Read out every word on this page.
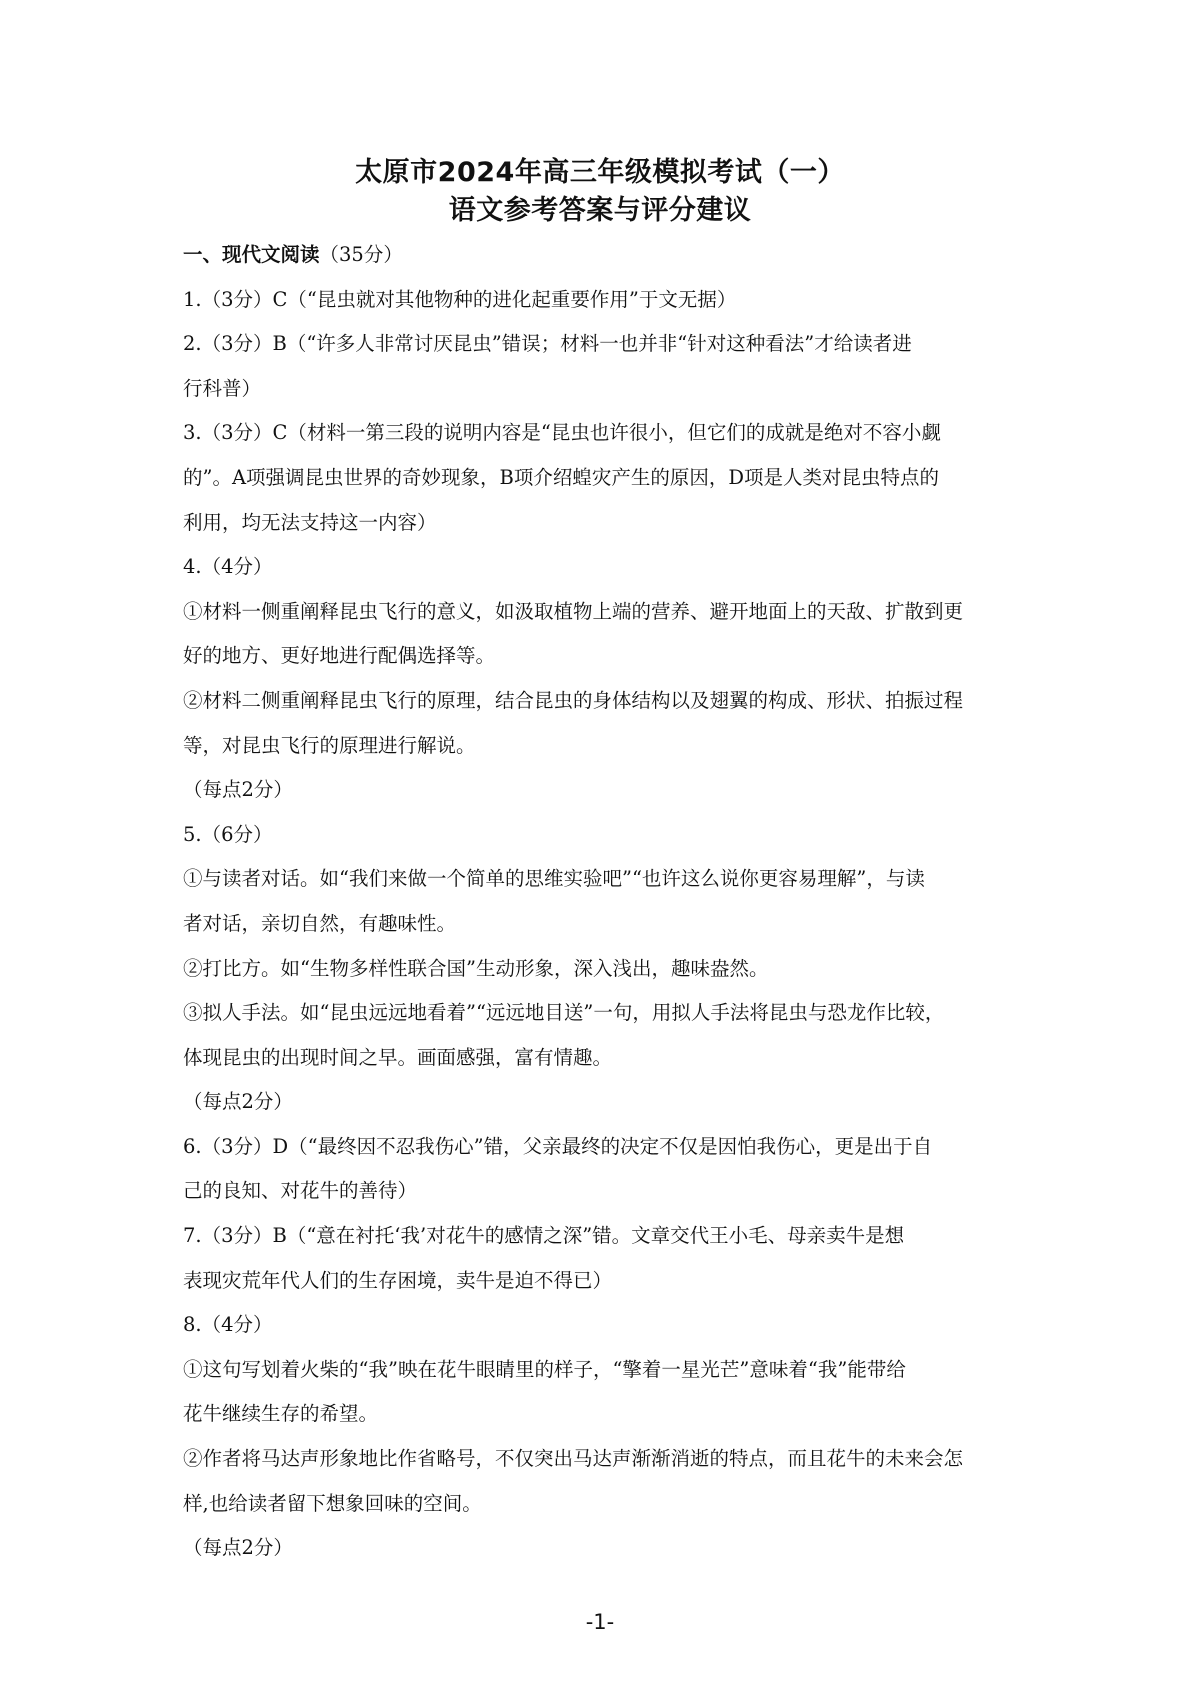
太原市2024年高三年级模拟考试（一）
语文参考答案与评分建议
一、现代文阅读（35分）
1.（3分）C（“昆虫就对其他物种的进化起重要作用”于文无据）
2.（3分）B（“许多人非常讨厌昆虫”错误；材料一也并非“针对这种看法”才给读者进
行科普）
3.（3分）C（材料一第三段的说明内容是“昆虫也许很小，但它们的成就是绝对不容小觑
的”。A项强调昆虫世界的奇妙现象，B项介绍蝗灾产生的原因，D项是人类对昆虫特点的
利用，均无法支持这一内容）
4.（4分）
①材料一侧重阐释昆虫飞行的意义，如汲取植物上端的营养、避开地面上的天敌、扩散到更
好的地方、更好地进行配偶选择等。
②材料二侧重阐释昆虫飞行的原理，结合昆虫的身体结构以及翅翼的构成、形状、拍振过程
等，对昆虫飞行的原理进行解说。
（每点2分）
5.（6分）
①与读者对话。如“我们来做一个简单的思维实验吧”“也许这么说你更容易理解”，与读
者对话，亲切自然，有趣味性。
②打比方。如“生物多样性联合国”生动形象，深入浅出，趣味盎然。
③拟人手法。如“昆虫远远地看着”“远远地目送”一句，用拟人手法将昆虫与恐龙作比较，
体现昆虫的出现时间之早。画面感强，富有情趣。
（每点2分）
6.（3分）D（“最终因不忍我伤心”错，父亲最终的决定不仅是因怕我伤心，更是出于自
己的良知、对花牛的善待）
7.（3分）B（“意在衬托‘我’对花牛的感情之深”错。文章交代王小毛、母亲卖牛是想
表现灾荒年代人们的生存困境，卖牛是迫不得已）
8.（4分）
①这句写划着火柴的“我”映在花牛眼睛里的样子，“擎着一星光芒”意味着“我”能带给
花牛继续生存的希望。
②作者将马达声形象地比作省略号，不仅突出马达声渐渐消逝的特点，而且花牛的未来会怎
样,也给读者留下想象回味的空间。
（每点2分）
-1-
